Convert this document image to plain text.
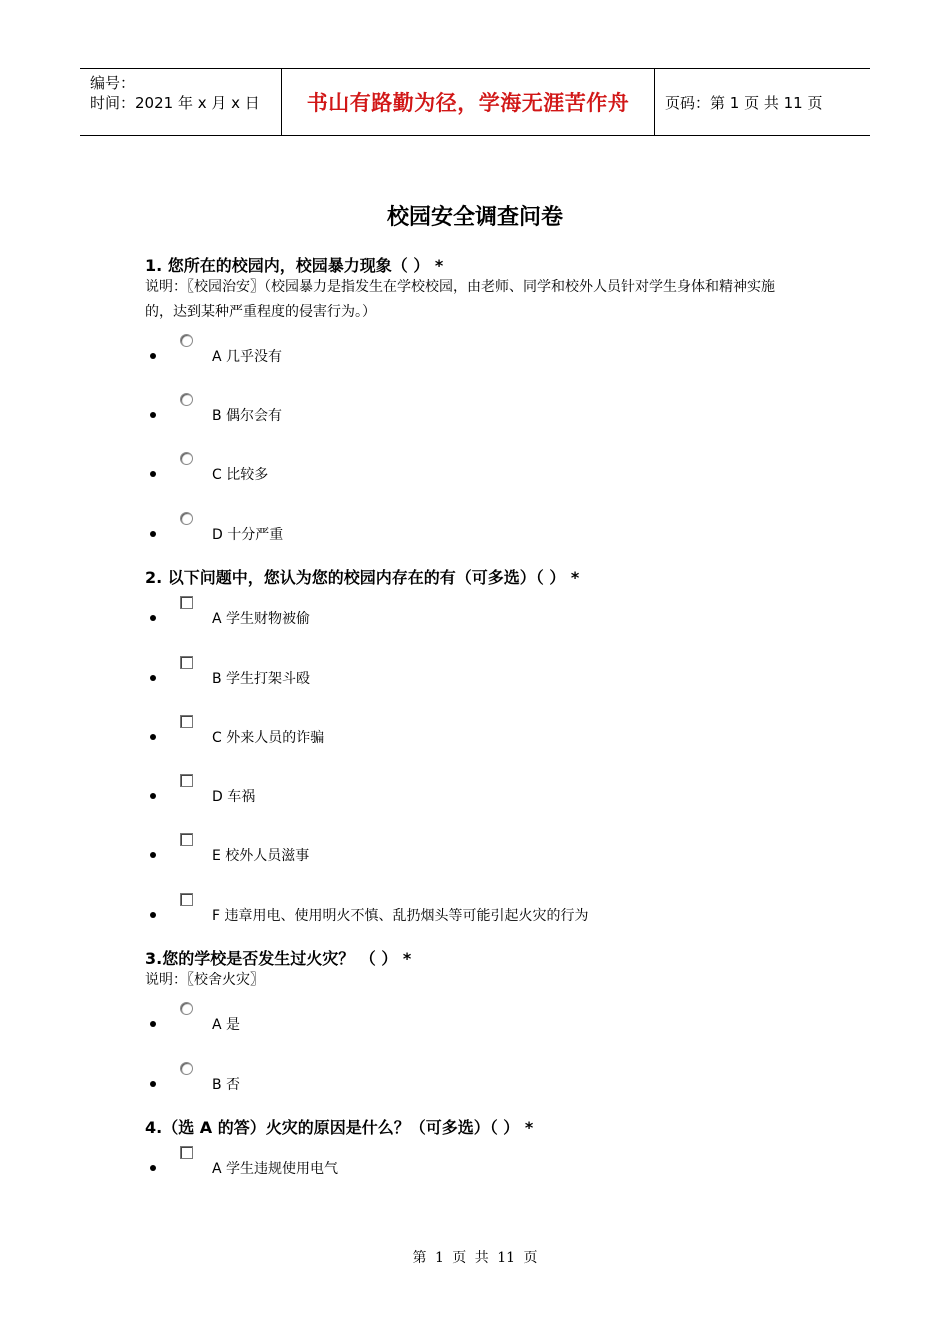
编号：
时间：2021 年 x 月 x 日	书山有路勤为径，学海无涯苦作舟	页码：第 1 页 共 11 页
校园安全调查问卷
1. 您所在的校园内，校园暴力现象（ ） *
说明：〖校园治安〗（校园暴力是指发生在学校校园，由老师、同学和校外人员针对学生身体和精神实施
的，达到某种严重程度的侵害行为。）
A 几乎没有
B 偶尔会有
C 比较多
D 十分严重
2. 以下问题中，您认为您的校园内存在的有（可多选）（ ） *
A 学生财物被偷
B 学生打架斗殴
C 外来人员的诈骗
D 车祸
E 校外人员滋事
F 违章用电、使用明火不慎、乱扔烟头等可能引起火灾的行为
3.您的学校是否发生过火灾？ （ ） *
说明：〖校舍火灾〗
A 是
B 否
4.（选 A 的答）火灾的原因是什么？（可多选）（ ） *
A 学生违规使用电气
第 1 页 共 11 页
